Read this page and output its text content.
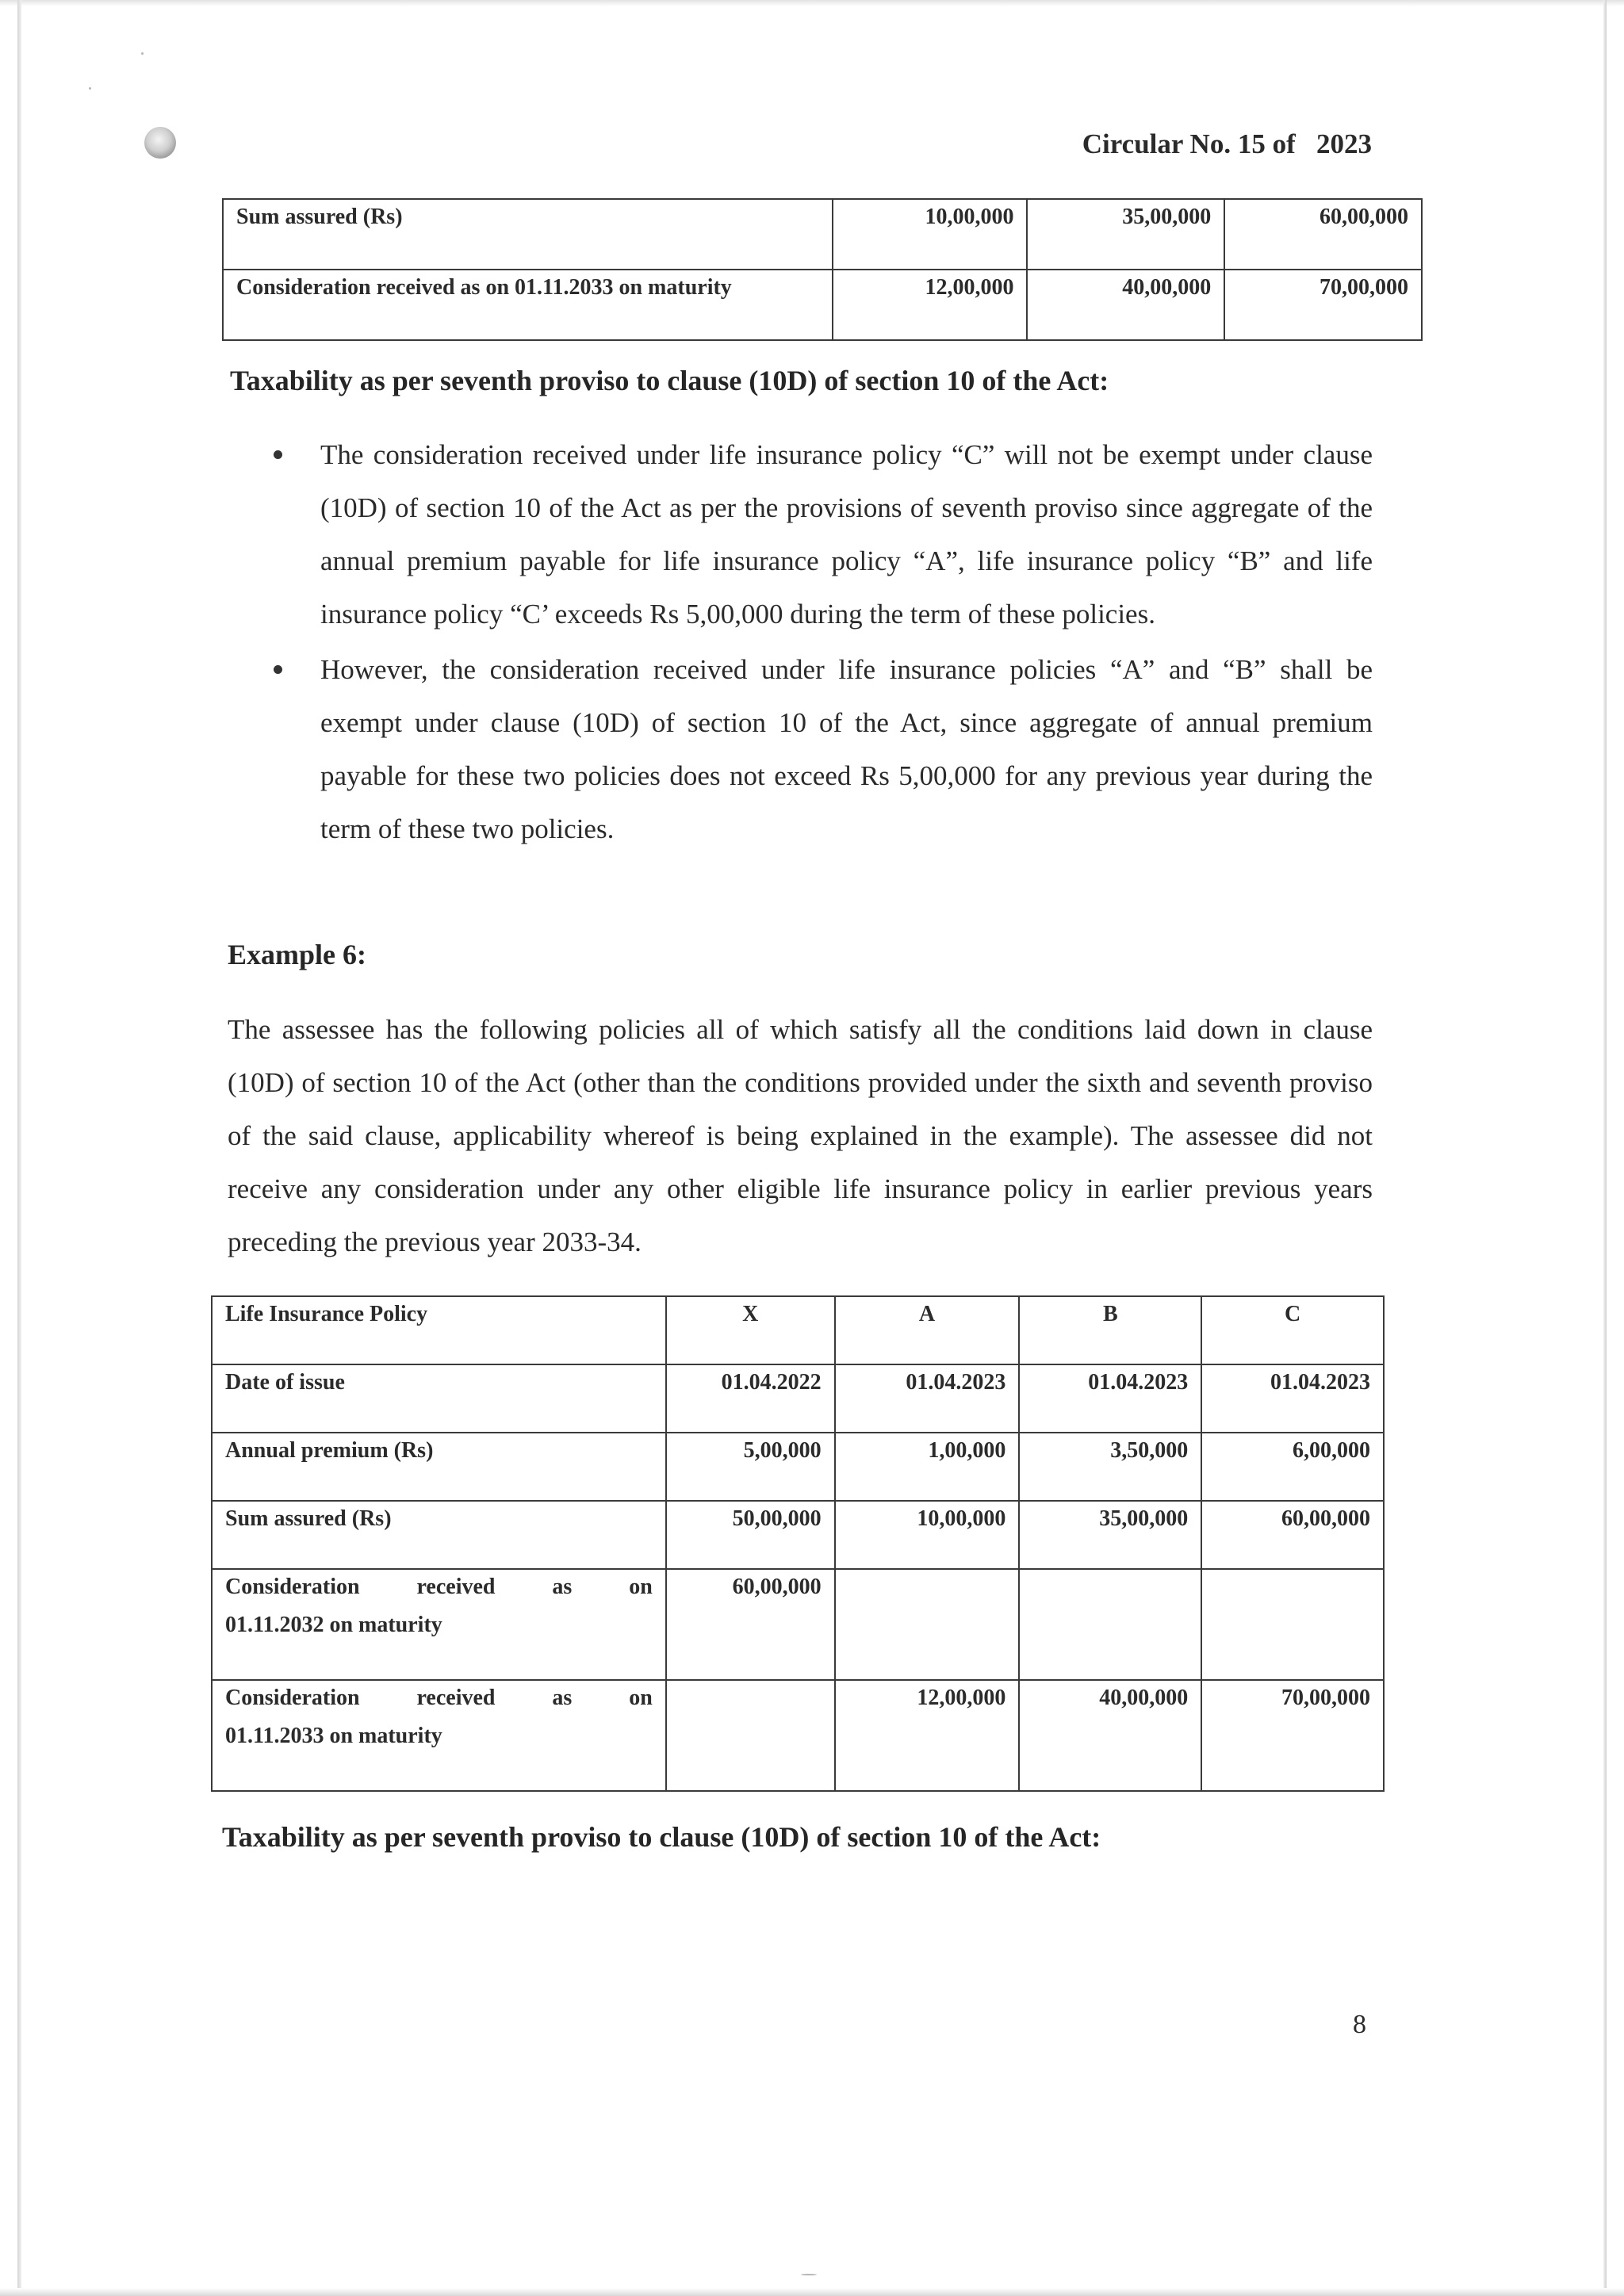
Circular No. 15 of 2023
Sum assured (Rs)	10,00,000	35,00,000	60,00,000
Consideration received as on 01.11.2033 on maturity	12,00,000	40,00,000	70,00,000
Taxability as per seventh proviso to clause (10D) of section 10 of the Act:
The consideration received under life insurance policy “C” will not be exempt under clause (10D) of section 10 of the Act as per the provisions of seventh proviso since aggregate of the annual premium payable for life insurance policy “A”, life insurance policy “B” and life insurance policy “C’ exceeds Rs 5,00,000 during the term of these policies.
However, the consideration received under life insurance policies “A” and “B” shall be exempt under clause (10D) of section 10 of the Act, since aggregate of annual premium payable for these two policies does not exceed Rs 5,00,000 for any previous year during the term of these two policies.
Example 6:

The assessee has the following policies all of which satisfy all the conditions laid down in clause (10D) of section 10 of the Act (other than the conditions provided under the sixth and seventh proviso of the said clause, applicability whereof is being explained in the example). The assessee did not receive any consideration under any other eligible life insurance policy in earlier previous years preceding the previous year 2033-34.

Life Insurance Policy	X	A	B	C
Date of issue	01.04.2022	01.04.2023	01.04.2023	01.04.2023
Annual premium (Rs)	5,00,000	1,00,000	3,50,000	6,00,000
Sum assured (Rs)	50,00,000	10,00,000	35,00,000	60,00,000

Consideration received as on
01.11.2032 on maturity	60,00,000			

Consideration received as on
01.11.2033 on maturity		12,00,000	40,00,000	70,00,000
Taxability as per seventh proviso to clause (10D) of section 10 of the Act:
8
